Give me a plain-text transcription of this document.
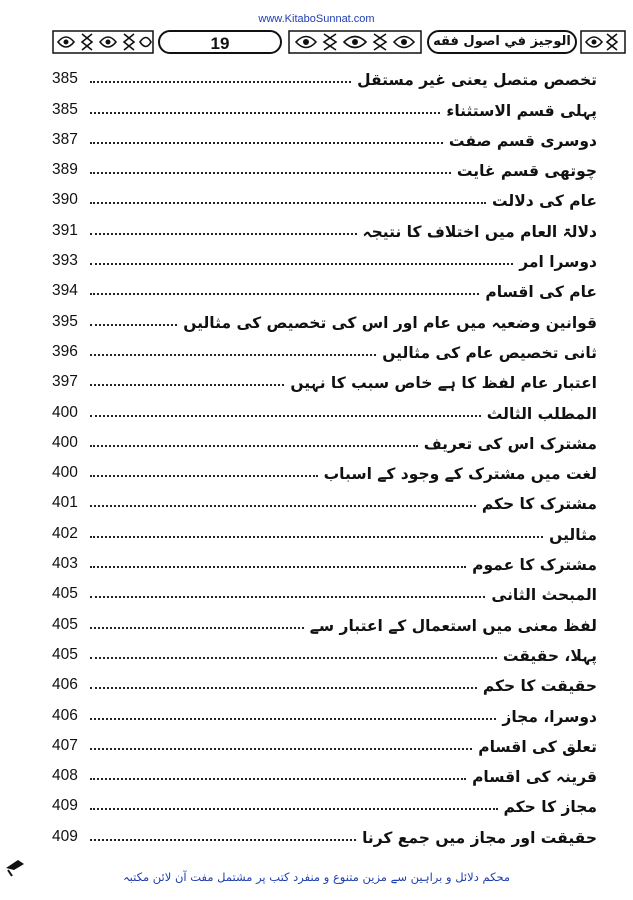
www.KitaboSunnat.com
19	الوجيز في اصول فقه
385	تخصص متصل یعنی غیر مستقل
385	پہلی قسم الاستثناء
387	دوسری قسم صفت
389	چوتھی قسم غایت
390	عام کی دلالت
391	دلالۃ العام میں اختلاف کا نتیجہ
393	دوسرا امر
394	عام کی اقسام
395	قوانین وضعیہ میں عام اور اس کی تخصیص کی مثالیں
396	ثانی تخصیص عام کی مثالیں
397	اعتبار عام لفظ کا ہے خاص سبب کا نہیں
400	المطلب الثالث
400	مشترک اس کی تعریف
400	لغت میں مشترک کے وجود کے اسباب
401	مشترک کا حکم
402	مثالیں
403	مشترک کا عموم
405	المبحث الثانی
405	لفظ معنی میں استعمال کے اعتبار سے
405	پہلا، حقیقت
406	حقیقت کا حکم
406	دوسرا، مجاز
407	تعلق کی اقسام
408	قرینہ کی اقسام
409	مجاز کا حکم
409	حقیقت اور مجاز میں جمع کرنا
محکم دلائل و براہین سے مزین متنوع و منفرد کتب پر مشتمل مفت آن لائن مکتبہ
